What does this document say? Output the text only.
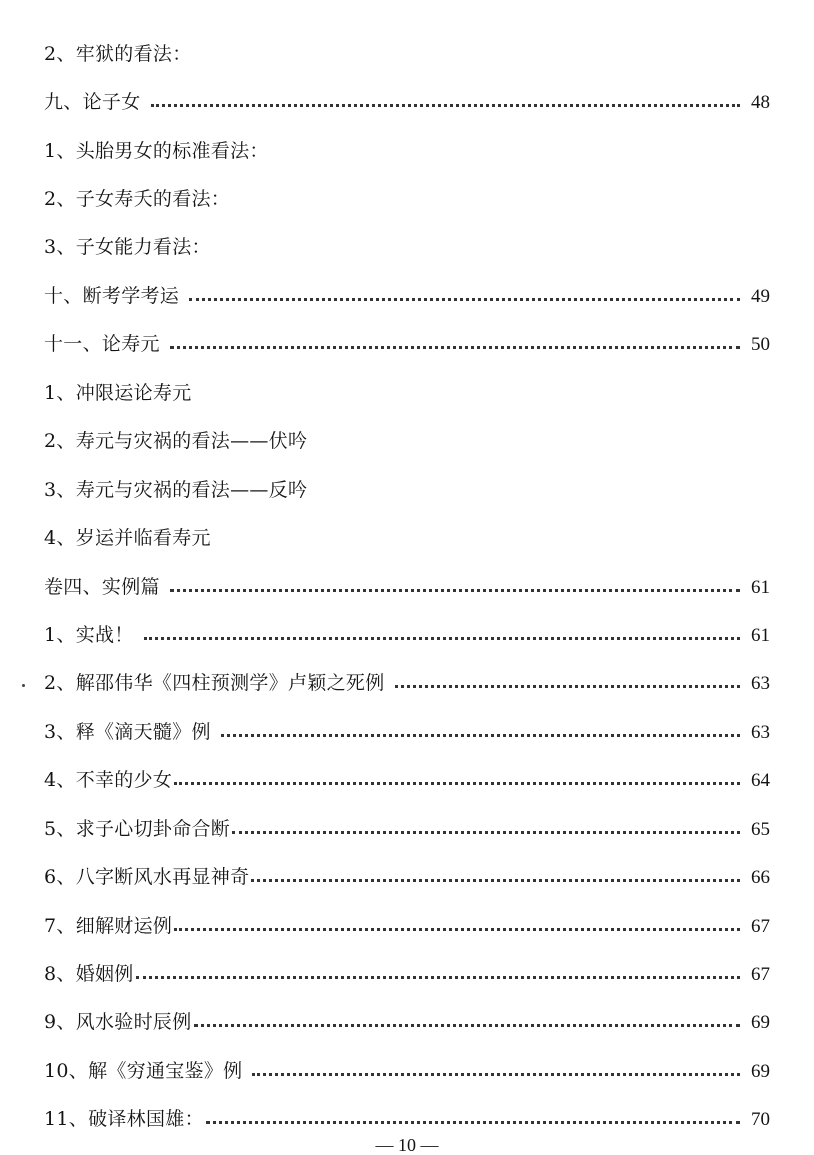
2、牢狱的看法：
九、论子女	48
1、头胎男女的标准看法：
2、子女寿夭的看法：
3、子女能力看法：
十、断考学考运	49
十一、论寿元	50
1、冲限运论寿元
2、寿元与灾祸的看法——伏吟
3、寿元与灾祸的看法——反吟
4、岁运并临看寿元
卷四、实例篇	61
1、实战！	61
2、解邵伟华《四柱预测学》卢颖之死例	63
3、释《滴天髓》例	63
4、不幸的少女	64
5、求子心切卦命合断	65
6、八字断风水再显神奇	66
7、细解财运例	67
8、婚姻例	67
9、风水验时辰例	69
10、解《穷通宝鉴》例	69
11、破译林国雄：	70
— 10 —
